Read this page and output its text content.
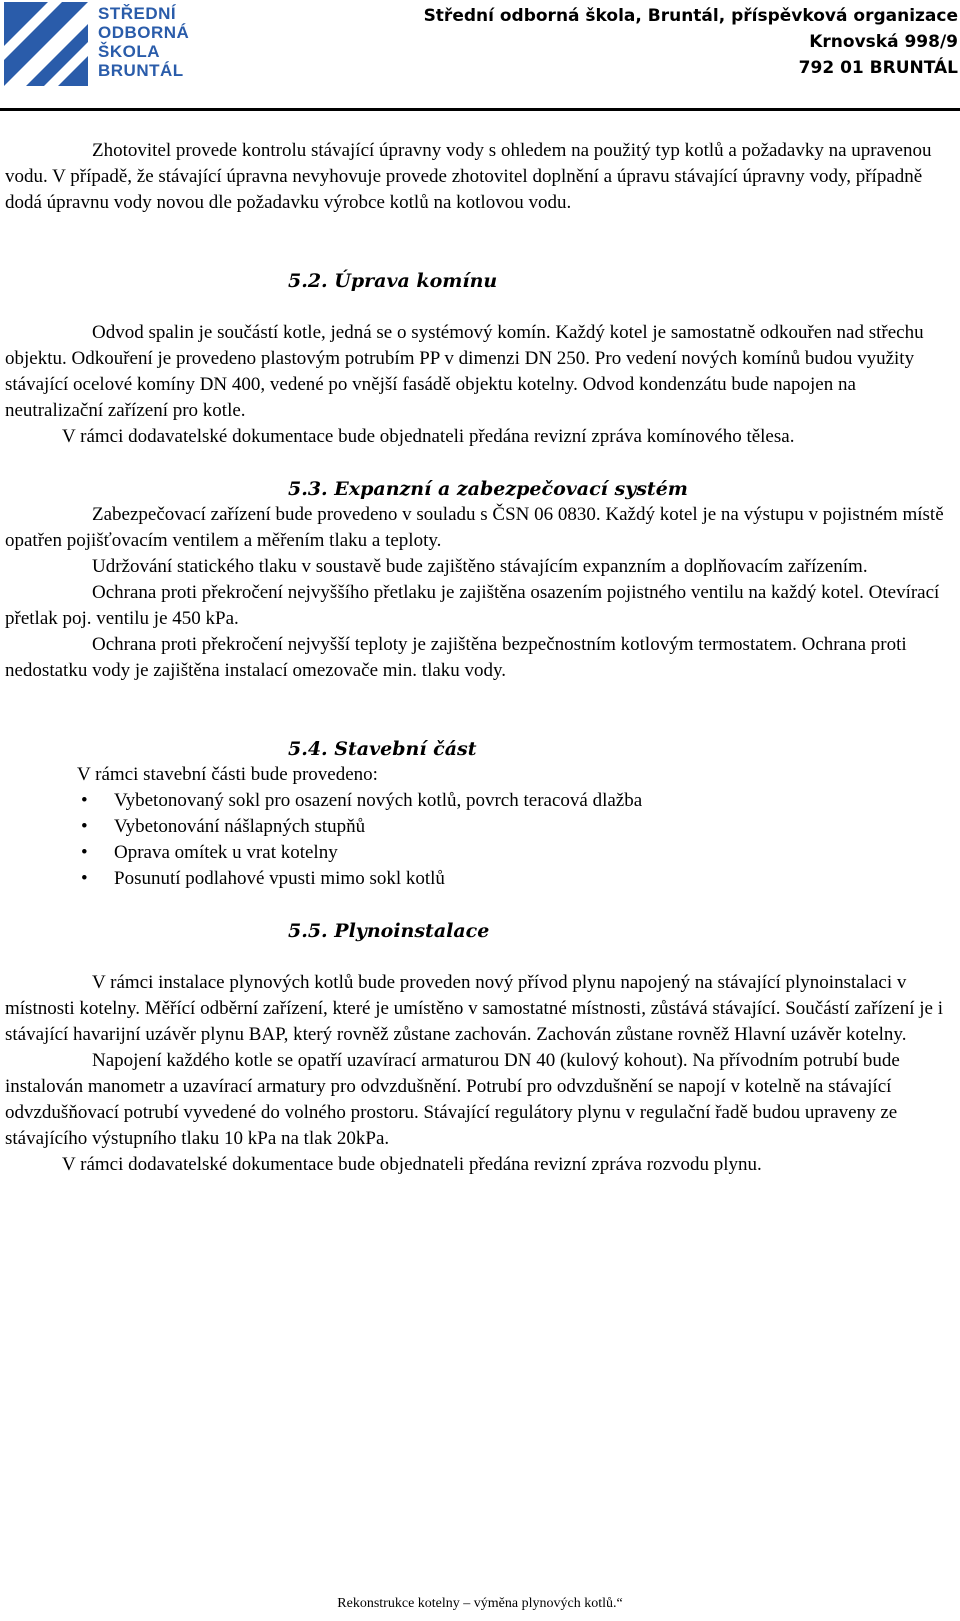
STŘEDNÍ
ODBORNÁ
ŠKOLA
BRUNTÁL
Střední odborná škola, Bruntál, příspěvková organizace
Krnovská 998/9
792 01 BRUNTÁL

Zhotovitel provede kontrolu stávající úpravny vody s ohledem na použitý typ kotlů a požadavky na upravenou vodu. V případě, že stávající úpravna nevyhovuje provede zhotovitel doplnění a úpravu stávající úpravny vody, případně dodá úpravnu vody novou dle požadavku výrobce kotlů na kotlovou vodu.

5.2. Úprava komínu

Odvod spalin je součástí kotle, jedná se o systémový komín. Každý kotel je samostatně odkouřen nad střechu objektu. Odkouření je provedeno plastovým potrubím PP v dimenzi DN 250. Pro vedení nových komínů budou využity stávající ocelové komíny DN 400, vedené po vnější fasádě objektu kotelny. Odvod kondenzátu bude napojen na neutralizační zařízení pro kotle.

V rámci dodavatelské dokumentace bude objednateli předána revizní zpráva komínového tělesa.

5.3. Expanzní a zabezpečovací systém

Zabezpečovací zařízení bude provedeno v souladu s ČSN 06 0830. Každý kotel je na výstupu v pojistném místě opatřen pojišťovacím ventilem a měřením tlaku a teploty.

Udržování statického tlaku v soustavě bude zajištěno stávajícím expanzním a doplňovacím zařízením.

Ochrana proti překročení nejvyššího přetlaku je zajištěna osazením pojistného ventilu na každý kotel. Otevírací přetlak poj. ventilu je 450 kPa.

Ochrana proti překročení nejvyšší teploty je zajištěna bezpečnostním kotlovým termostatem. Ochrana proti nedostatku vody je zajištěna instalací omezovače min. tlaku vody.

5.4. Stavební část

V rámci stavební části bude provedeno:

• Vybetonovaný sokl pro osazení nových kotlů, povrch teracová dlažba
• Vybetonování nášlapných stupňů
• Oprava omítek u vrat kotelny
• Posunutí podlahové vpusti mimo sokl kotlů

5.5. Plynoinstalace

V rámci instalace plynových kotlů bude proveden nový přívod plynu napojený na stávající plynoinstalaci v místnosti kotelny. Měřící odběrní zařízení, které je umístěno v samostatné místnosti, zůstává stávající. Součástí zařízení je i stávající havarijní uzávěr plynu BAP, který rovněž zůstane zachován. Zachován zůstane rovněž Hlavní uzávěr kotelny.

Napojení každého kotle se opatří uzavírací armaturou DN 40 (kulový kohout). Na přívodním potrubí bude instalován manometr a uzavírací armatury pro odvzdušnění. Potrubí pro odvzdušnění se napojí v kotelně na stávající odvzdušňovací potrubí vyvedené do volného prostoru. Stávající regulátory plynu v regulační řadě budou upraveny ze stávajícího výstupního tlaku 10 kPa na tlak 20kPa.

V rámci dodavatelské dokumentace bude objednateli předána revizní zpráva rozvodu plynu.

Rekonstrukce kotelny – výměna plynových kotlů.“
